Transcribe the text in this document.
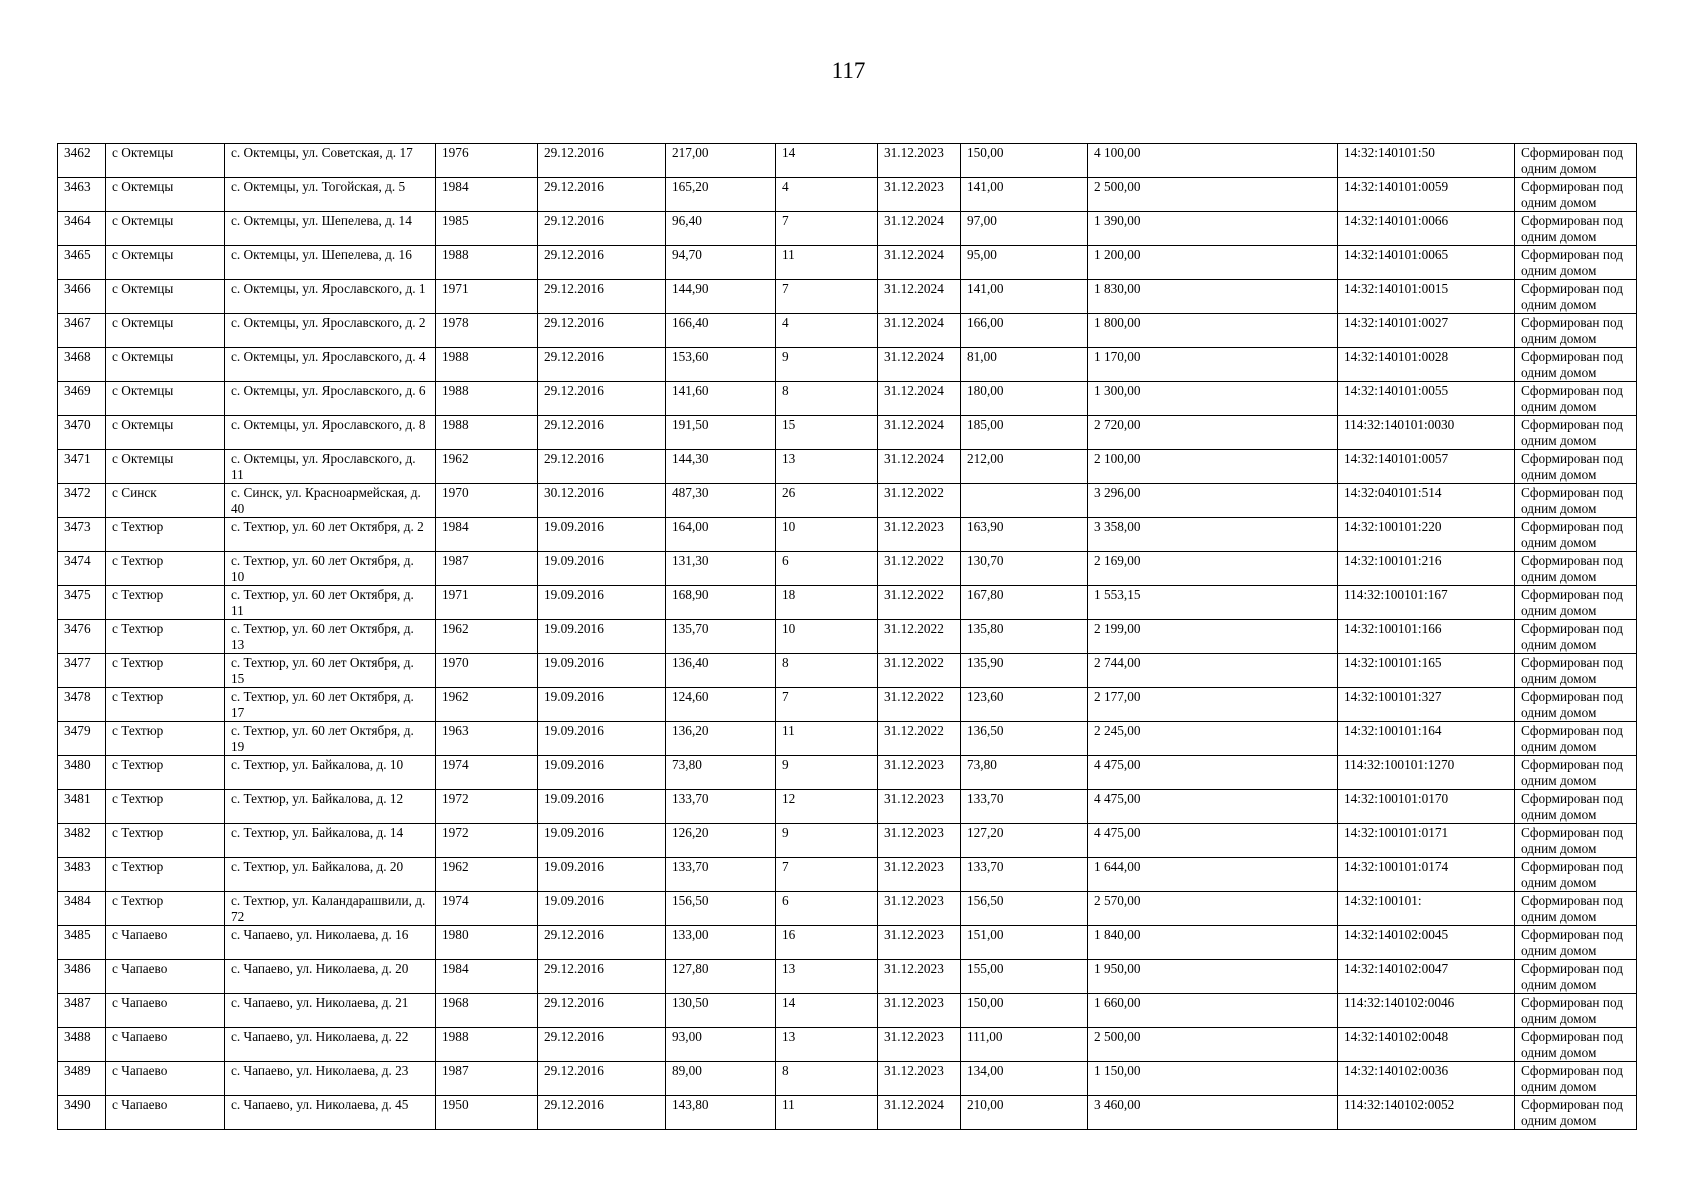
117
3462	с Октемцы	с. Октемцы, ул. Советская, д. 17	1976	29.12.2016	217,00	14	31.12.2023	150,00	4 100,00	14:32:140101:50	Сформирован под одним домом
3463	с Октемцы	с. Октемцы, ул. Тогойская, д. 5	1984	29.12.2016	165,20	4	31.12.2023	141,00	2 500,00	14:32:140101:0059	Сформирован под одним домом
3464	с Октемцы	с. Октемцы, ул. Шепелева, д. 14	1985	29.12.2016	96,40	7	31.12.2024	97,00	1 390,00	14:32:140101:0066	Сформирован под одним домом
3465	с Октемцы	с. Октемцы, ул. Шепелева, д. 16	1988	29.12.2016	94,70	11	31.12.2024	95,00	1 200,00	14:32:140101:0065	Сформирован под одним домом
3466	с Октемцы	с. Октемцы, ул. Ярославского, д. 1	1971	29.12.2016	144,90	7	31.12.2024	141,00	1 830,00	14:32:140101:0015	Сформирован под одним домом
3467	с Октемцы	с. Октемцы, ул. Ярославского, д. 2	1978	29.12.2016	166,40	4	31.12.2024	166,00	1 800,00	14:32:140101:0027	Сформирован под одним домом
3468	с Октемцы	с. Октемцы, ул. Ярославского, д. 4	1988	29.12.2016	153,60	9	31.12.2024	81,00	1 170,00	14:32:140101:0028	Сформирован под одним домом
3469	с Октемцы	с. Октемцы, ул. Ярославского, д. 6	1988	29.12.2016	141,60	8	31.12.2024	180,00	1 300,00	14:32:140101:0055	Сформирован под одним домом
3470	с Октемцы	с. Октемцы, ул. Ярославского, д. 8	1988	29.12.2016	191,50	15	31.12.2024	185,00	2 720,00	114:32:140101:0030	Сформирован под одним домом
3471	с Октемцы	с. Октемцы, ул. Ярославского, д. 11	1962	29.12.2016	144,30	13	31.12.2024	212,00	2 100,00	14:32:140101:0057	Сформирован под одним домом
3472	с Синск	с. Синск, ул. Красноармейская, д. 40	1970	30.12.2016	487,30	26	31.12.2022		3 296,00	14:32:040101:514	Сформирован под одним домом
3473	с Техтюр	с. Техтюр, ул. 60 лет Октября, д. 2	1984	19.09.2016	164,00	10	31.12.2023	163,90	3 358,00	14:32:100101:220	Сформирован под одним домом
3474	с Техтюр	с. Техтюр, ул. 60 лет Октября, д. 10	1987	19.09.2016	131,30	6	31.12.2022	130,70	2 169,00	14:32:100101:216	Сформирован под одним домом
3475	с Техтюр	с. Техтюр, ул. 60 лет Октября, д. 11	1971	19.09.2016	168,90	18	31.12.2022	167,80	1 553,15	114:32:100101:167	Сформирован под одним домом
3476	с Техтюр	с. Техтюр, ул. 60 лет Октября, д. 13	1962	19.09.2016	135,70	10	31.12.2022	135,80	2 199,00	14:32:100101:166	Сформирован под одним домом
3477	с Техтюр	с. Техтюр, ул. 60 лет Октября, д. 15	1970	19.09.2016	136,40	8	31.12.2022	135,90	2 744,00	14:32:100101:165	Сформирован под одним домом
3478	с Техтюр	с. Техтюр, ул. 60 лет Октября, д. 17	1962	19.09.2016	124,60	7	31.12.2022	123,60	2 177,00	14:32:100101:327	Сформирован под одним домом
3479	с Техтюр	с. Техтюр, ул. 60 лет Октября, д. 19	1963	19.09.2016	136,20	11	31.12.2022	136,50	2 245,00	14:32:100101:164	Сформирован под одним домом
3480	с Техтюр	с. Техтюр, ул. Байкалова, д. 10	1974	19.09.2016	73,80	9	31.12.2023	73,80	4 475,00	114:32:100101:1270	Сформирован под одним домом
3481	с Техтюр	с. Техтюр, ул. Байкалова, д. 12	1972	19.09.2016	133,70	12	31.12.2023	133,70	4 475,00	14:32:100101:0170	Сформирован под одним домом
3482	с Техтюр	с. Техтюр, ул. Байкалова, д. 14	1972	19.09.2016	126,20	9	31.12.2023	127,20	4 475,00	14:32:100101:0171	Сформирован под одним домом
3483	с Техтюр	с. Техтюр, ул. Байкалова, д. 20	1962	19.09.2016	133,70	7	31.12.2023	133,70	1 644,00	14:32:100101:0174	Сформирован под одним домом
3484	с Техтюр	с. Техтюр, ул. Каландарашвили, д. 72	1974	19.09.2016	156,50	6	31.12.2023	156,50	2 570,00	14:32:100101:	Сформирован под одним домом
3485	с Чапаево	с. Чапаево, ул. Николаева, д. 16	1980	29.12.2016	133,00	16	31.12.2023	151,00	1 840,00	14:32:140102:0045	Сформирован под одним домом
3486	с Чапаево	с. Чапаево, ул. Николаева, д. 20	1984	29.12.2016	127,80	13	31.12.2023	155,00	1 950,00	14:32:140102:0047	Сформирован под одним домом
3487	с Чапаево	с. Чапаево, ул. Николаева, д. 21	1968	29.12.2016	130,50	14	31.12.2023	150,00	1 660,00	114:32:140102:0046	Сформирован под одним домом
3488	с Чапаево	с. Чапаево, ул. Николаева, д. 22	1988	29.12.2016	93,00	13	31.12.2023	111,00	2 500,00	14:32:140102:0048	Сформирован под одним домом
3489	с Чапаево	с. Чапаево, ул. Николаева, д. 23	1987	29.12.2016	89,00	8	31.12.2023	134,00	1 150,00	14:32:140102:0036	Сформирован под одним домом
3490	с Чапаево	с. Чапаево, ул. Николаева, д. 45	1950	29.12.2016	143,80	11	31.12.2024	210,00	3 460,00	114:32:140102:0052	Сформирован под одним домом
